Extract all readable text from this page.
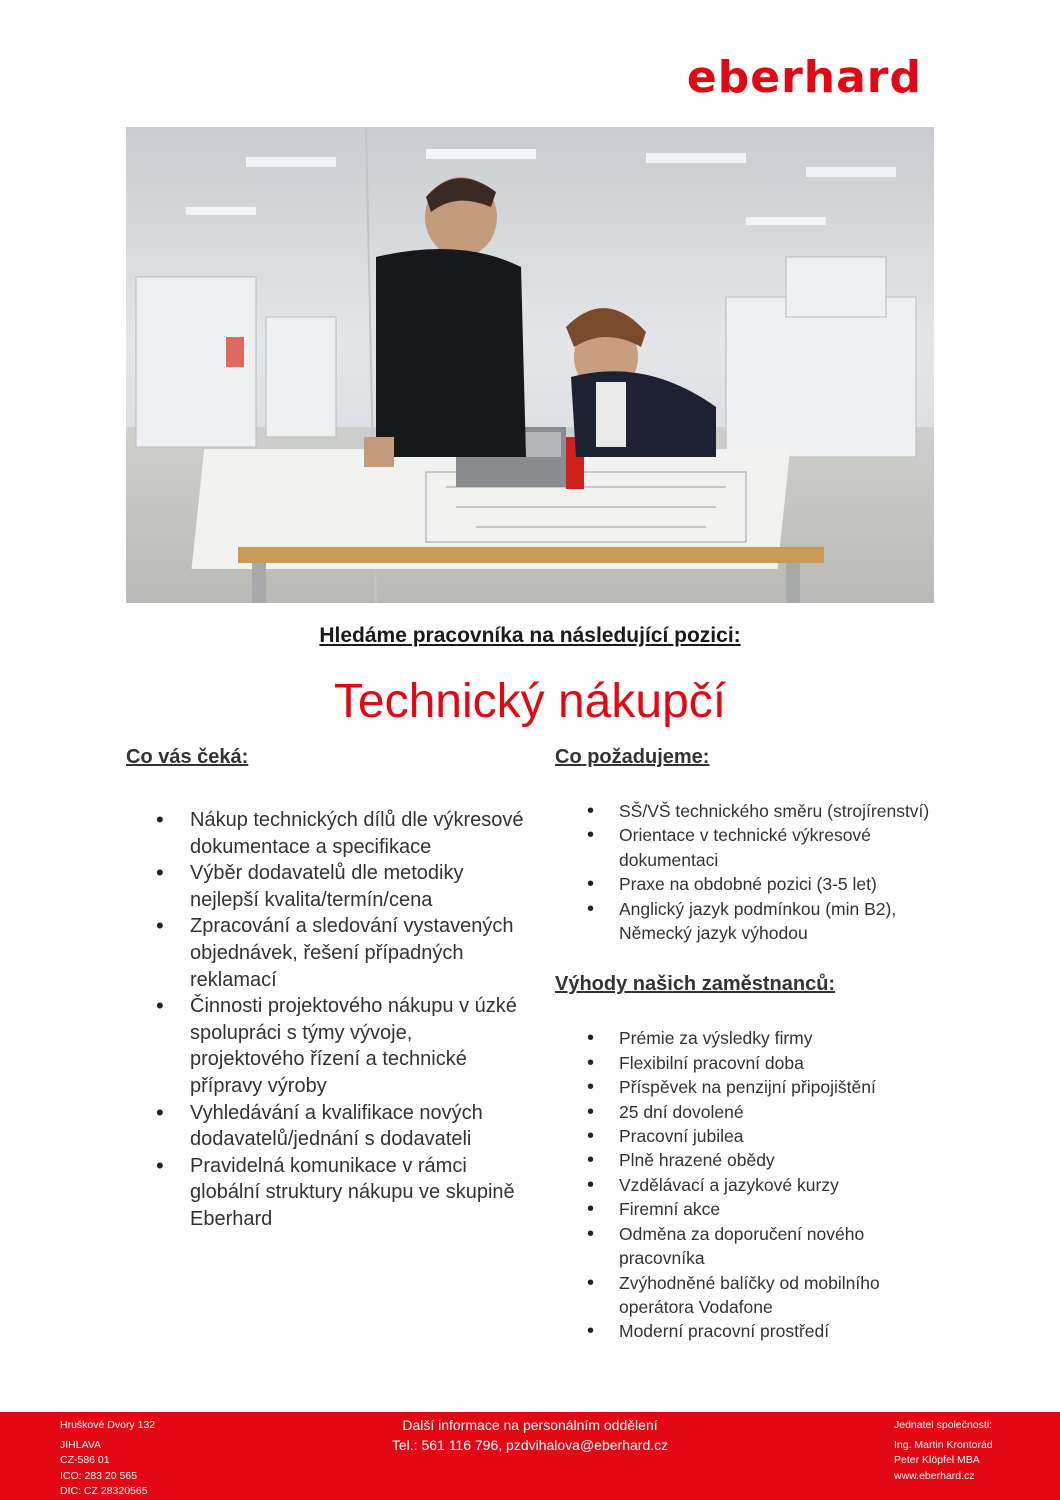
eberhard
Hledáme pracovníka na následující pozici:
Technický nákupčí
Co vás čeká:
• Nákup technických dílů dle výkresové dokumentace a specifikace
• Výběr dodavatelů dle metodiky nejlepší kvalita/termín/cena
• Zpracování a sledování vystavených objednávek, řešení případných reklamací
• Činnosti projektového nákupu v úzké spolupráci s týmy vývoje, projektového řízení a technické přípravy výroby
• Vyhledávání a kvalifikace nových dodavatelů/jednání s dodavateli
• Pravidelná komunikace v rámci globální struktury nákupu ve skupině Eberhard
Co požadujeme:
• SŠ/VŠ technického směru (strojírenství)
• Orientace v technické výkresové dokumentaci
• Praxe na obdobné pozici (3-5 let)
• Anglický jazyk podmínkou (min B2), Německý jazyk výhodou
Výhody našich zaměstnanců:
• Prémie za výsledky firmy
• Flexibilní pracovní doba
• Příspěvek na penzijní připojištění
• 25 dní dovolené
• Pracovní jubilea
• Plně hrazené obědy
• Vzdělávací a jazykové kurzy
• Firemní akce
• Odměna za doporučení nového pracovníka
• Zvýhodněné balíčky od mobilního operátora Vodafone
• Moderní pracovní prostředí
Hruškové Dvory 132
JIHLAVA
CZ-586 01
ICO: 283 20 565
DIC: CZ 28320565
Další informace na personálním oddělení
Tel.: 561 116 796, pzdvihalova@eberhard.cz
Jednatel společnosti:
Ing. Martin Krontorád
Peter Klöpfel MBA
www.eberhard.cz
